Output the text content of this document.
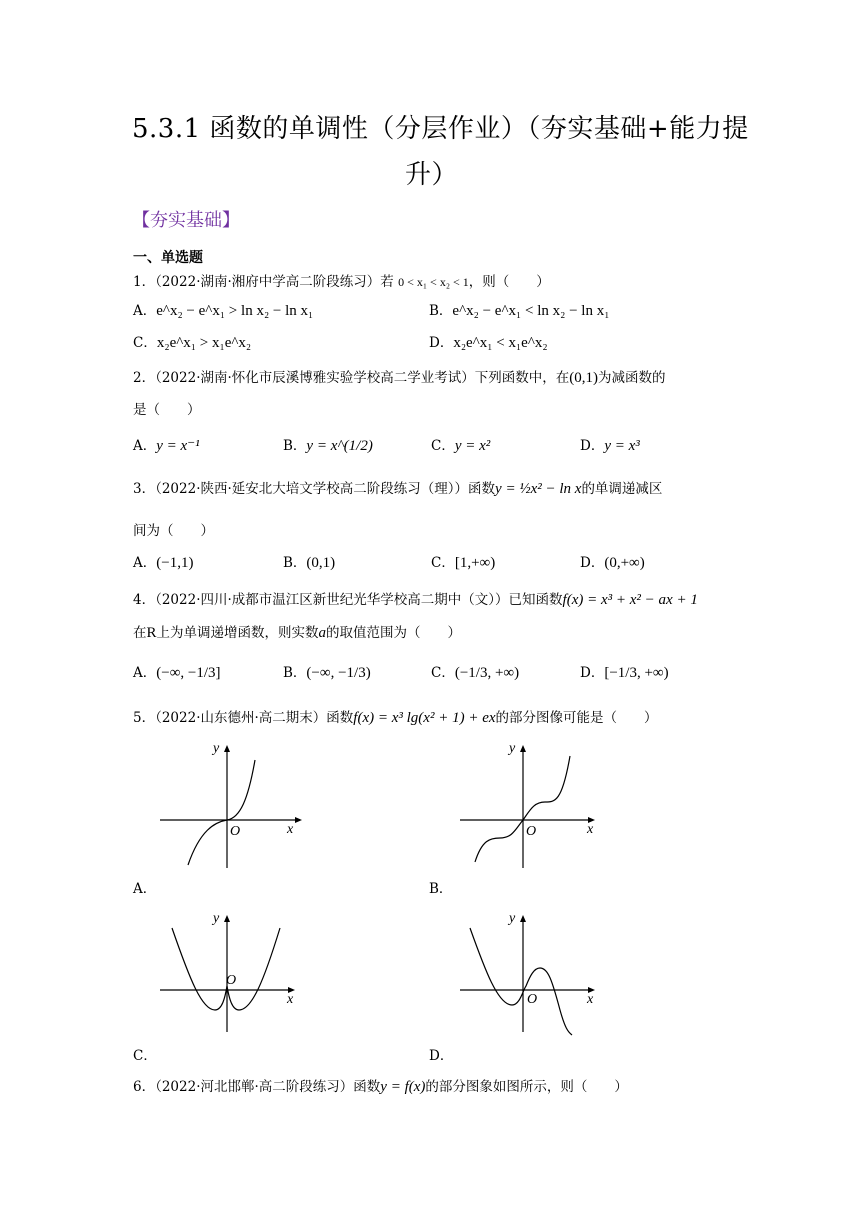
5.3.1 函数的单调性（分层作业）（夯实基础+能力提
升）
【夯实基础】
一、单选题
1．（2022·湖南·湘府中学高二阶段练习）若 0 < x₁ < x₂ < 1，则（　　）
A．e^x₂ − e^x₁ > ln x₂ − ln x₁	B．e^x₂ − e^x₁ < ln x₂ − ln x₁
C．x₂e^x₁ > x₁e^x₂	D．x₂e^x₁ < x₁e^x₂
2．（2022·湖南·怀化市辰溪博雅实验学校高二学业考试）下列函数中，在(0,1)为减函数的
是（　　）
A．y = x⁻¹	B．y = x^(1/2)	C．y = x²	D．y = x³
3．（2022·陕西·延安北大培文学校高二阶段练习（理））函数y = ½x² − ln x的单调递减区
间为（　　）
A．(−1,1)	B．(0,1)	C．[1,+∞)	D．(0,+∞)
4．（2022·四川·成都市温江区新世纪光华学校高二期中（文））已知函数f(x) = x³ + x² − ax + 1
在R上为单调递增函数，则实数a的取值范围为（　　）
A．(−∞, −1/3]	B．(−∞, −1/3)	C．(−1/3, +∞)	D．[−1/3, +∞)
5．（2022·山东德州·高二期末）函数f(x) = x³ lg(x² + 1) + ex的部分图像可能是（　　）
y
x
O
A．
y
x
O
B．
y
x
O
C．
y
x
O
D．
6．（2022·河北邯郸·高二阶段练习）函数y = f(x)的部分图象如图所示，则（　　）
